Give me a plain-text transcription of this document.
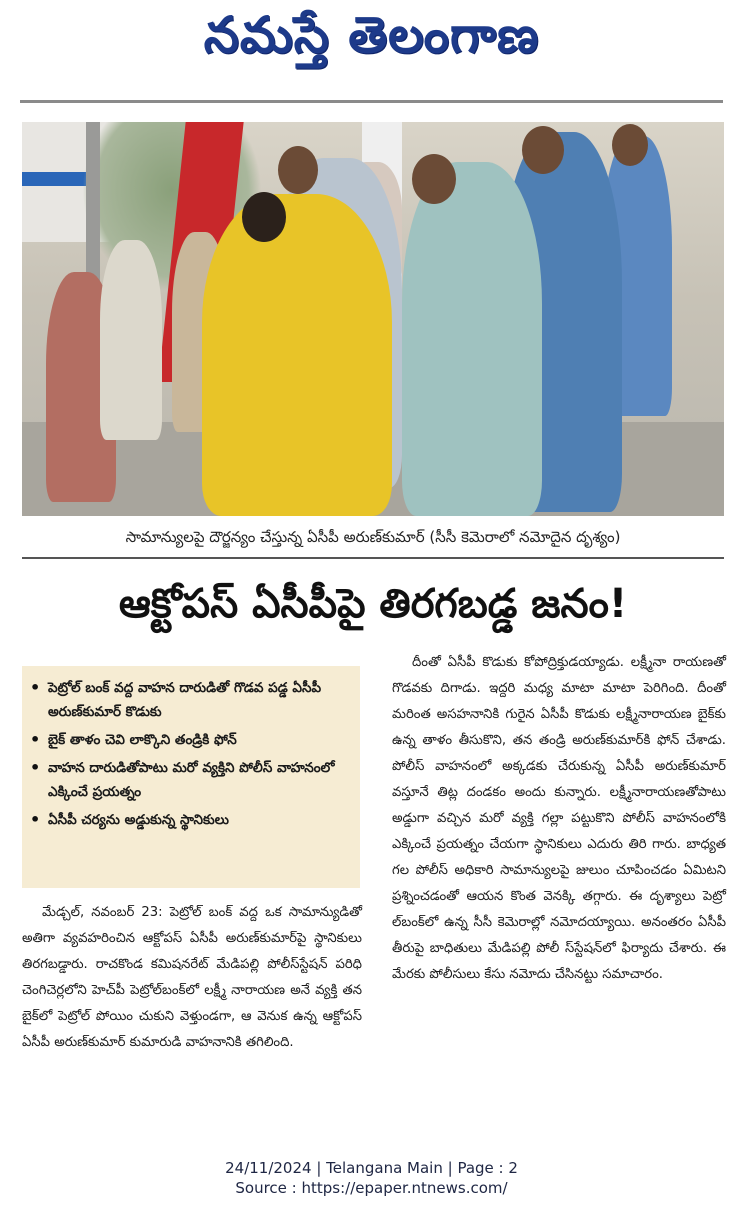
నమస్తే తెలంగాణ
సామాన్యులపై దౌర్జన్యం చేస్తున్న ఏసీపీ అరుణ్‌కుమార్ (సీసీ కెమెరాలో నమోదైన దృశ్యం)
ఆక్టోపస్ ఏసీపీపై తిరగబడ్డ జనం!
• పెట్రోల్ బంక్ వద్ద వాహన దారుడితో గొడవ పడ్డ ఏసీపీ అరుణ్‌కుమార్ కొడుకు
• బైక్ తాళం చెవి లాక్కొని తండ్రికి ఫోన్
• వాహన దారుడితోపాటు మరో వ్యక్తిని పోలీస్ వాహనంలో ఎక్కించే ప్రయత్నం
• ఏసీపీ చర్యను అడ్డుకున్న స్థానికులు

మేడ్చల్, నవంబర్ 23: పెట్రోల్ బంక్ వద్ద ఒక సామాన్యుడితో అతిగా వ్యవహరించిన ఆక్టోపస్ ఏసీపీ అరుణ్‌కుమార్‌పై స్థానికులు తిరగబడ్డారు. రాచకొండ కమిషనరేట్ మేడిపల్లి పోలీస్‌స్టేషన్ పరిధి చెంగిచెర్లలోని హెచ్‌పీ పెట్రోల్‌బంక్‌లో లక్ష్మీ నారాయణ అనే వ్యక్తి తన బైక్‌లో పెట్రోల్ పోయిం చుకుని వెళ్తుండగా, ఆ వెనుక ఉన్న ఆక్టోపస్ ఏసీపీ అరుణ్‌కుమార్ కుమారుడి వాహనానికి తగిలింది.

దీంతో ఏసీపీ కొడుకు కోపోద్రిక్తుడయ్యాడు. లక్ష్మీనా రాయణతో గొడవకు దిగాడు. ఇద్దరి మధ్య మాటా మాటా పెరిగింది. దీంతో మరింత అసహనానికి గురైన ఏసీపీ కొడుకు లక్ష్మీనారాయణ బైక్‌కు ఉన్న తాళం తీసుకొని, తన తండ్రి అరుణ్‌కుమార్‌కి ఫోన్ చేశాడు. పోలీస్ వాహనంలో అక్కడకు చేరుకున్న ఏసీపీ అరుణ్‌కుమార్ వస్తూనే తిట్ల దండకం అందు కున్నారు. లక్ష్మీనారాయణతోపాటు అడ్డుగా వచ్చిన మరో వ్యక్తి గల్లా పట్టుకొని పోలీస్ వాహనంలోకి ఎక్కించే ప్రయత్నం చేయగా స్థానికులు ఎదురు తిరి గారు. బాధ్యత గల పోలీస్ అధికారి సామాన్యులపై జులుం చూపించడం ఏమిటని ప్రశ్నించడంతో ఆయన కొంత వెనక్కి తగ్గారు. ఈ దృశ్యాలు పెట్రో ల్‌బంక్‌లో ఉన్న సీసీ కెమెరాల్లో నమోదయ్యాయి. అనంతరం ఏసీపీ తీరుపై బాధితులు మేడిపల్లి పోలీ స్‌స్టేషన్‌లో ఫిర్యాదు చేశారు. ఈ మేరకు పోలీసులు కేసు నమోదు చేసినట్టు సమాచారం.

24/11/2024 | Telangana Main | Page : 2
Source : https://epaper.ntnews.com/
